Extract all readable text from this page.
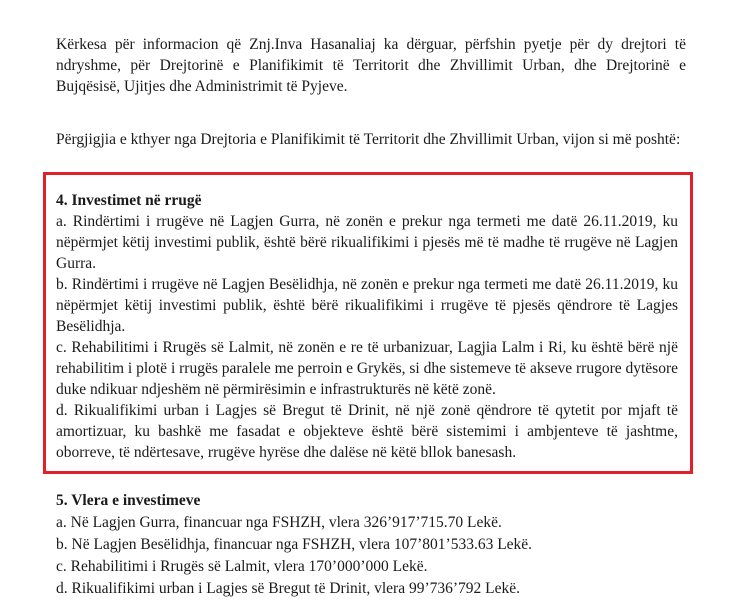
Kërkesa për informacion që Znj.Inva Hasanaliaj ka dërguar, përfshin pyetje për dy drejtori të ndryshme, për Drejtorinë e Planifikimit të Territorit dhe Zhvillimit Urban, dhe Drejtorinë e Bujqësisë, Ujitjes dhe Administrimit të Pyjeve.

Përgjigjia e kthyer nga Drejtoria e Planifikimit të Territorit dhe Zhvillimit Urban, vijon si më poshtë:

4. Investimet në rrugë

a. Rindërtimi i rrugëve në Lagjen Gurra, në zonën e prekur nga termeti me datë 26.11.2019, ku nëpërmjet këtij investimi publik, është bërë rikualifikimi i pjesës më të madhe të rrugëve në Lagjen Gurra.

b. Rindërtimi i rrugëve në Lagjen Besëlidhja, në zonën e prekur nga termeti me datë 26.11.2019, ku nëpërmjet këtij investimi publik, është bërë rikualifikimi i rrugëve të pjesës qëndrore të Lagjes Besëlidhja.

c. Rehabilitimi i Rrugës së Lalmit, në zonën e re të urbanizuar, Lagjia Lalm i Ri, ku është bërë një rehabilitim i plotë i rrugës paralele me perroin e Grykës, si dhe sistemeve të akseve rrugore dytësore duke ndikuar ndjeshëm në përmirësimin e infrastrukturës në këtë zonë.

d. Rikualifikimi urban i Lagjes së Bregut të Drinit, në një zonë qëndrore të qytetit por mjaft të amortizuar, ku bashkë me fasadat e objekteve është bërë sistemimi i ambjenteve të jashtme, oborreve, të ndërtesave, rrugëve hyrëse dhe dalëse në këtë bllok banesash.

5. Vlera e investimeve

a. Në Lagjen Gurra, financuar nga FSHZH, vlera 326’917’715.70 Lekë.

b. Në Lagjen Besëlidhja, financuar nga FSHZH, vlera 107’801’533.63 Lekë.

c. Rehabilitimi i Rrugës së Lalmit, vlera 170’000’000 Lekë.

d. Rikualifikimi urban i Lagjes së Bregut të Drinit, vlera 99’736’792 Lekë.
